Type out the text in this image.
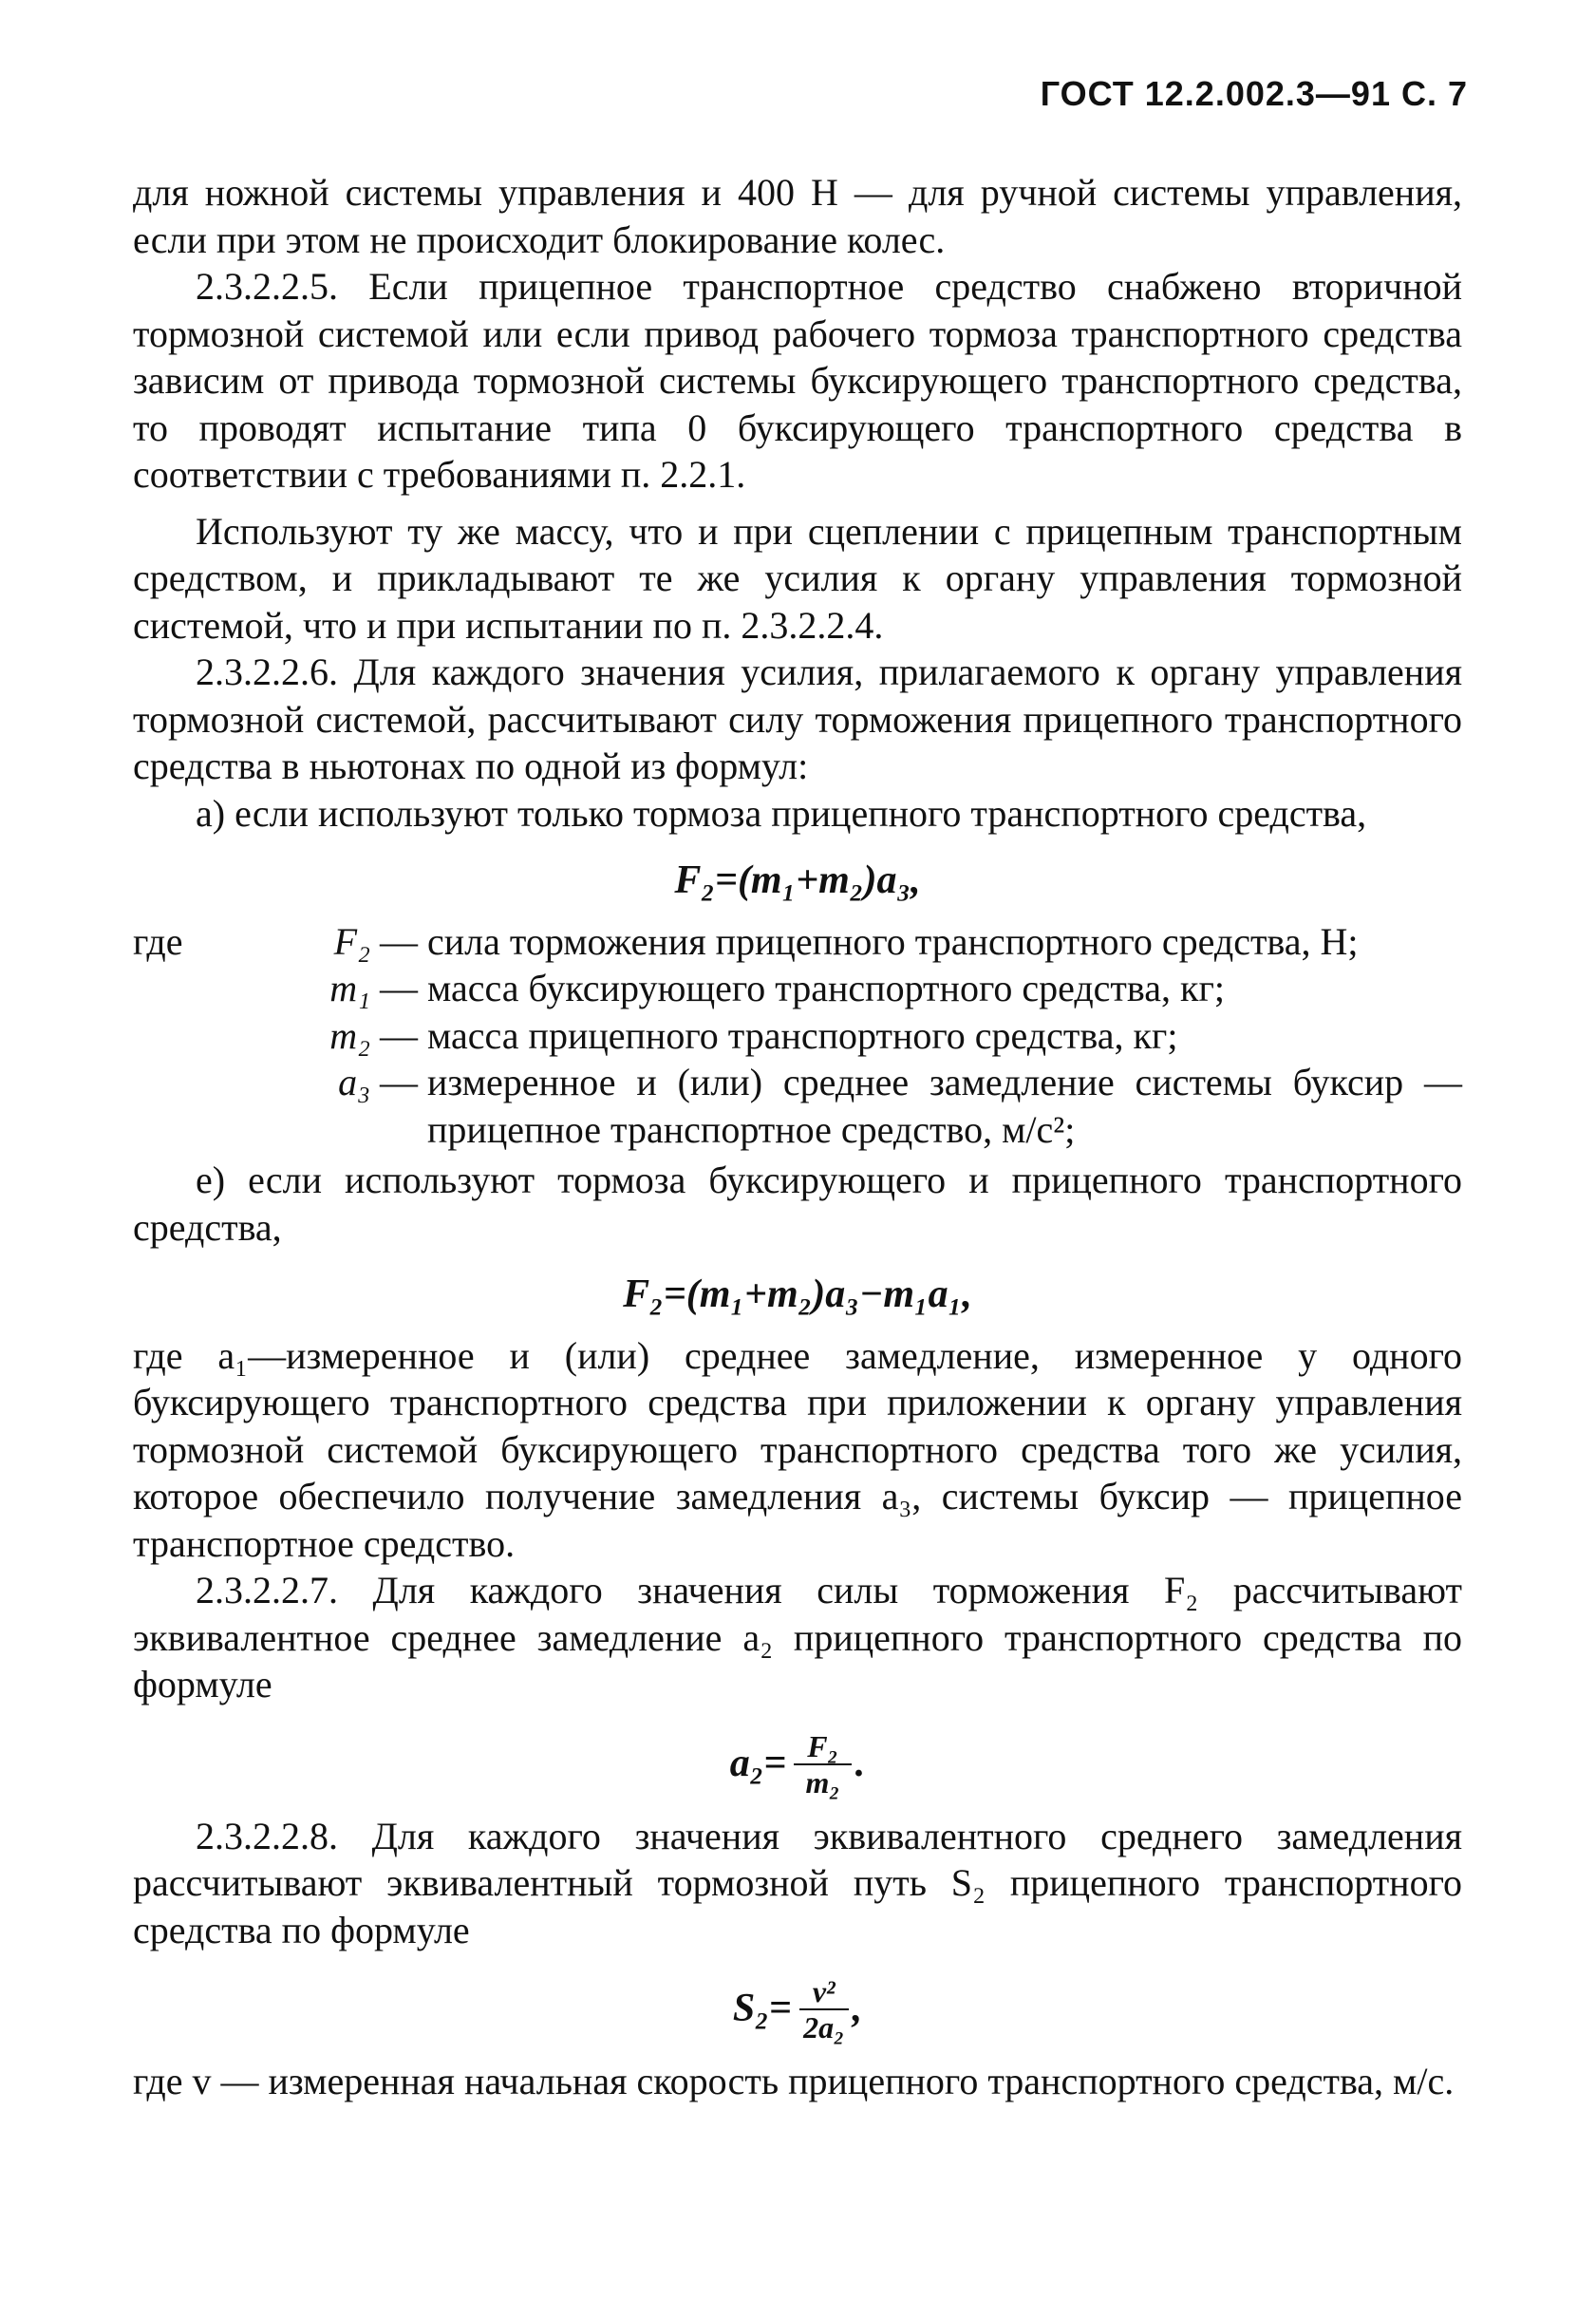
ГОСТ 12.2.002.3—91 С. 7

для ножной системы управления и 400 Н — для ручной системы управления, если при этом не происходит блокирование колес.

2.3.2.2.5. Если прицепное транспортное средство снабжено вторичной тормозной системой или если привод рабочего тормоза транспортного средства зависим от привода тормозной системы буксирующего транспортного средства, то проводят испытание типа 0 буксирующего транспортного средства в соответствии с требованиями п. 2.2.1.

Используют ту же массу, что и при сцеплении с прицепным транспортным средством, и прикладывают те же усилия к органу управления тормозной системой, что и при испытании по п. 2.3.2.2.4.

2.3.2.2.6. Для каждого значения усилия, прилагаемого к органу управления тормозной системой, рассчитывают силу торможения прицепного транспортного средства в ньютонах по одной из формул:

а) если используют только тормоза прицепного транспортного средства,

F₂=(m₁+m₂)a₃,
где	F₂ — сила торможения прицепного транспортного средства, Н;
m₁ — масса буксирующего транспортного средства, кг;
m₂ — масса прицепного транспортного средства, кг;
a₃ — измеренное и (или) среднее замедление системы буксир — прицепное транспортное средство, м/с²;

е) если используют тормоза буксирующего и прицепного транспортного средства,

F₂=(m₁+m₂)a₃−m₁a₁,

где a₁—измеренное и (или) среднее замедление, измеренное у одного буксирующего транспортного средства при приложении к органу управления тормозной системой буксирующего транспортного средства того же усилия, которое обеспечило получение замедления a₃, системы буксир — прицепное транспортное средство.

2.3.2.2.7. Для каждого значения силы торможения F₂ рассчитывают эквивалентное среднее замедление a₂ прицепного транспортного средства по формуле

$a_2= \frac{\text{F₂}}{\text{m₂}}$ .

2.3.2.2.8. Для каждого значения эквивалентного среднего замедления рассчитывают эквивалентный тормозной путь S₂ прицепного транспортного средства по формуле

$S_2= \frac{\text{v²}}{\text{2a₂}}$ ,

где v — измеренная начальная скорость прицепного транспортного средства, м/с.
